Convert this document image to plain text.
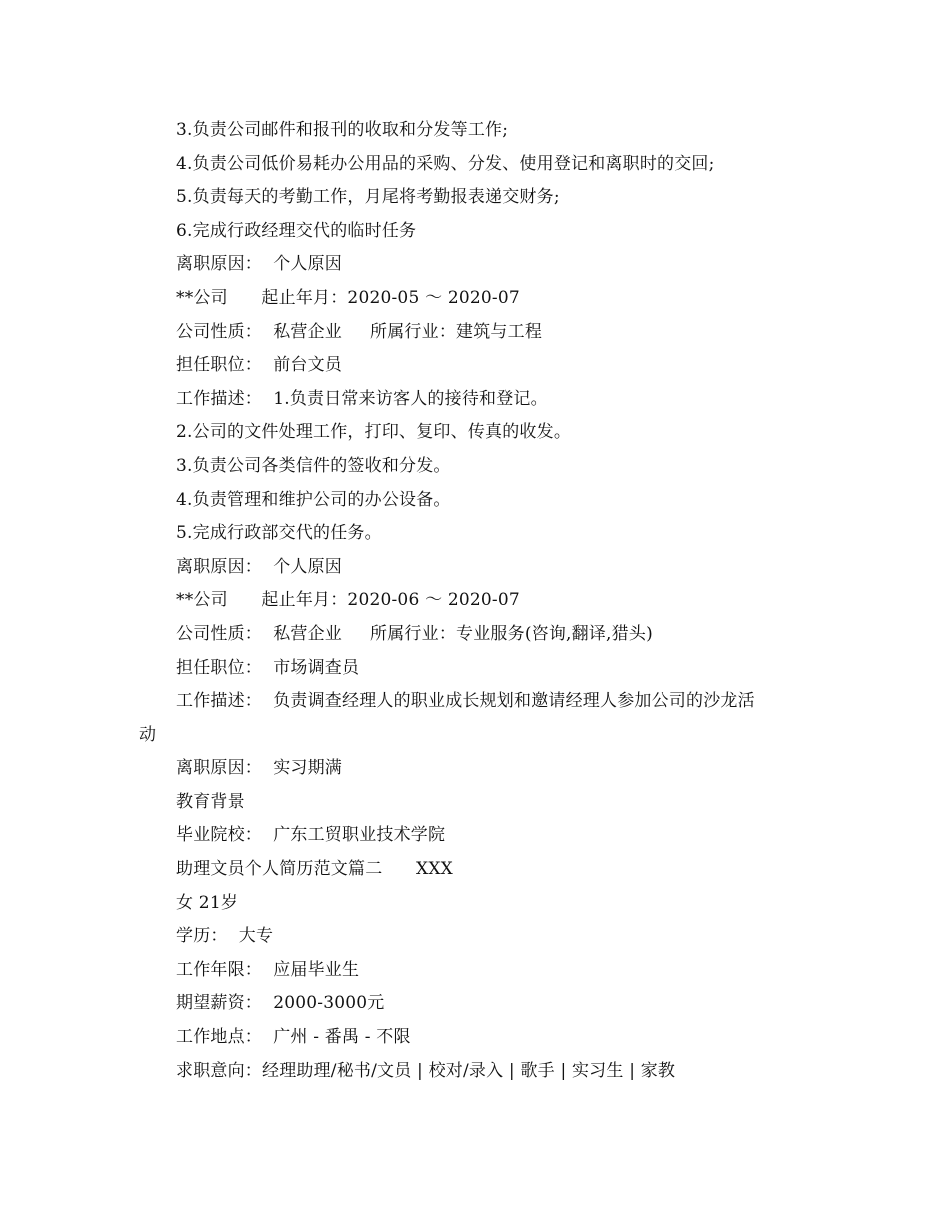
3.负责公司邮件和报刊的收取和分发等工作;
4.负责公司低价易耗办公用品的采购、分发、使用登记和离职时的交回;
5.负责每天的考勤工作，月尾将考勤报表递交财务;
6.完成行政经理交代的临时任务
离职原因：  个人原因
**公司      起止年月：2020-05 ～ 2020-07
公司性质：  私营企业     所属行业：建筑与工程
担任职位：  前台文员
工作描述：  1.负责日常来访客人的接待和登记。
2.公司的文件处理工作，打印、复印、传真的收发。
3.负责公司各类信件的签收和分发。
4.负责管理和维护公司的办公设备。
5.完成行政部交代的任务。
离职原因：  个人原因
**公司      起止年月：2020-06 ～ 2020-07
公司性质：  私营企业     所属行业：专业服务(咨询,翻译,猎头)
担任职位：  市场调查员
工作描述：  负责调查经理人的职业成长规划和邀请经理人参加公司的沙龙活
动
离职原因：  实习期满
教育背景
毕业院校：  广东工贸职业技术学院
助理文员个人简历范文篇二      XXX
女 21岁
学历：  大专
工作年限：  应届毕业生
期望薪资：  2000-3000元
工作地点：  广州 - 番禺 - 不限
求职意向：经理助理/秘书/文员 | 校对/录入 | 歌手 | 实习生 | 家教
